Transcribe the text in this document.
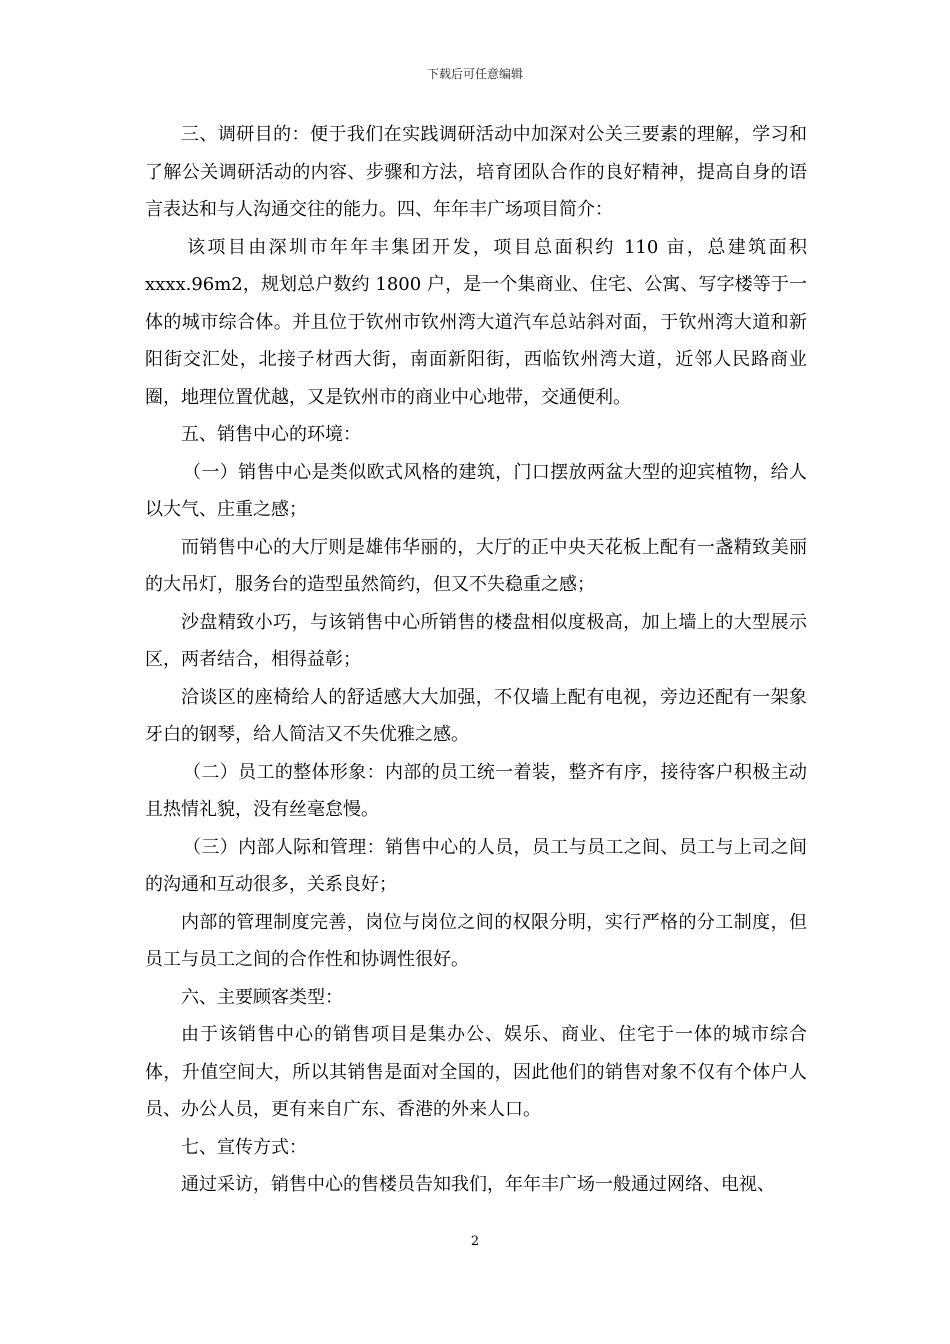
下载后可任意编辑

三、调研目的：便于我们在实践调研活动中加深对公关三要素的理解，学习和了解公关调研活动的内容、步骤和方法，培育团队合作的良好精神，提高自身的语言表达和与人沟通交往的能力。四、年年丰广场项目简介：

该项目由深圳市年年丰集团开发，项目总面积约 110 亩，总建筑面积 xxxx.96m2，规划总户数约 1800 户，是一个集商业、住宅、公寓、写字楼等于一体的城市综合体。并且位于钦州市钦州湾大道汽车总站斜对面，于钦州湾大道和新阳街交汇处，北接子材西大街，南面新阳街，西临钦州湾大道，近邻人民路商业圈，地理位置优越，又是钦州市的商业中心地带，交通便利。

五、销售中心的环境：

（一）销售中心是类似欧式风格的建筑，门口摆放两盆大型的迎宾植物，给人以大气、庄重之感；

而销售中心的大厅则是雄伟华丽的，大厅的正中央天花板上配有一盏精致美丽的大吊灯，服务台的造型虽然简约，但又不失稳重之感；

沙盘精致小巧，与该销售中心所销售的楼盘相似度极高，加上墙上的大型展示区，两者结合，相得益彰；

洽谈区的座椅给人的舒适感大大加强，不仅墙上配有电视，旁边还配有一架象牙白的钢琴，给人简洁又不失优雅之感。

（二）员工的整体形象：内部的员工统一着装，整齐有序，接待客户积极主动且热情礼貌，没有丝毫怠慢。

（三）内部人际和管理：销售中心的人员，员工与员工之间、员工与上司之间的沟通和互动很多，关系良好；

内部的管理制度完善，岗位与岗位之间的权限分明，实行严格的分工制度，但员工与员工之间的合作性和协调性很好。

六、主要顾客类型：

由于该销售中心的销售项目是集办公、娱乐、商业、住宅于一体的城市综合体，升值空间大，所以其销售是面对全国的，因此他们的销售对象不仅有个体户人员、办公人员，更有来自广东、香港的外来人口。

七、宣传方式：

通过采访，销售中心的售楼员告知我们，年年丰广场一般通过网络、电视、

2
